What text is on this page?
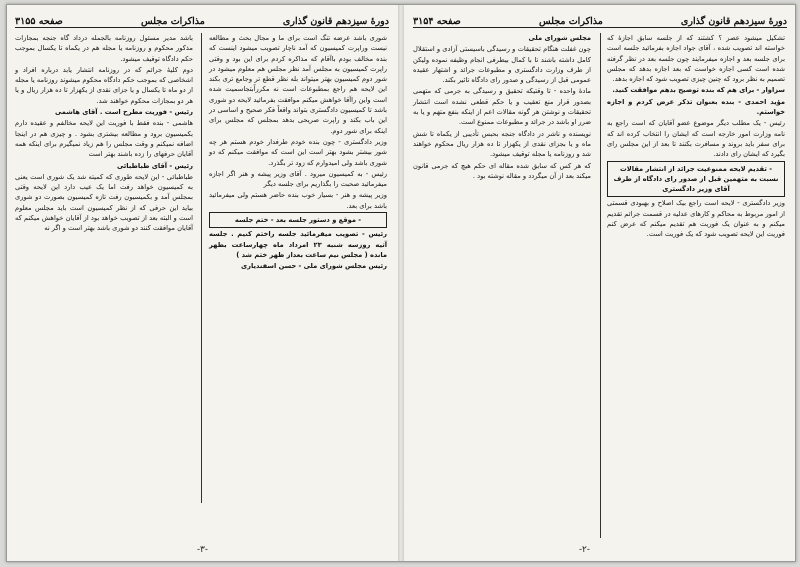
دورهٔ سیزدهم قانون گذاری
مذاکرات مجلس
صفحه ۳۱۵۵

شوری باشد عرضه تنگ است برای ما و مجال بحث و مطالعه نیست وراپرت کمیسیون که آمد ناچار تصویب میشود اینست که بنده مخالف بودم باآقام که مذاکره کردم برای این بود و وقتی راپرت کمیسیون به مجلس آمد نظر مجلس هم معلوم میشود در شور دوم کمیسیون بهتر میتواند بله نظر قطع تر وجامع تری بکند این لایحه هم راجع بمطبوعات است نه مکرراًبتجاسمیت شده است واین راآقا خواهش میکنم موافقت بفرمائید لایحه دو شوری باشد تا کمیسیون دادگستری بتواند واقعاً فکر صحیح و اساسی در این باب بکند و راپرت صریحی بدهد بمجلس که مجلس برای اینکه برای شور دوم.

وزیر دادگستری - چون بنده خودم طرفدار خودم هستم هر چه شور بیشتر بشود بهتر است این است که موافقت میکنم که دو شوری باشد ولی امیدوارم که زود تر بگذرد.

رئیس - به کمیسیون میرود . آقای وزیر پیشه و هنر اگر اجازه میفرمائید صحبت را بگذاریم برای جلسه دیگر

وزیر پیشه و هنر - بسیار خوب بنده حاضر هستم ولی میفرمائید باشد برای بعد.

- موقع و دستور جلسه بعد - ختم جلسه

رئیس - تصویب میفرمائید جلسه راختم کنیم . جلسه آتیه روزسه شنبه ۲۳ امرداد ماه چهارساعت بظهر مانده ( مجلس نیم ساعت بعداز ظهر ختم شد )

رئیس مجلس شورای ملی - حسن اسفندیاری

باشد مدیر مسئول روزنامه بالجمله درداد گاه جنجه بمجازات مذکور محکوم و روزنامه یا مجله هم در یکماه تا یکسال بموجب حکم دادگاه توقیف میشود.

دوم کلیهٔ جرائم که در روزنامه انتشار یابد درباره افراد و اشخاصی که بموجب حکم دادگاه محکوم میشوند روزنامه یا مجله از دو ماه تا یکسال و یا جزای نقدی از یکهزار تا ده هزار ریال و یا هر دو بمجازات محکوم خواهند شد.

رئیس - فوریت مطرح است . آقای هاشمی

هاشمی - بنده فقط با فوریت این لایحه مخالفم و عقیده دارم بکمیسیون برود و مطالعه بیشتری بشود . و چیزی هم در اینجا اضافه نمیکنم و وقت مجلس را هم زیاد نمیگیرم برای اینکه همه آقایان حرفهای را زده باشند بهتر است

رئیس - آقای طباطبائی

طباطبائی - این لایحه طوری که کمیته شد یک شوری است یعنی به کمیسیون خواهد رفت اما یک عیب دارد این لایحه وقتی بمجلس آمد و بکمیسیون رفت تازه کمیسیون بصورت دو شوری بیاید این حرفی که از نظر کمیسیون است باید مجلس معلوم است و البته بعد از تصویب خواهد بود از آقایان خواهش میکنم که آقایان موافقت کنند دو شوری باشد بهتر است و اگر نه

-۳-
دورهٔ سیزدهم قانون گذاری
مذاکرات مجلس
صفحه ۳۱۵۴

تشکیل میشود عصر ؟ کشتند که از جلسه سابق اجازهٔ که خواسته اند تصویب شده ، آقای جواد اجازه بفرمائید جلسه است برای جلسه بعد و اجازه میفرمایند چون جلسه بعد در نظر گرفته شده است کسی اجازه خواست که بعد اجازه بدهد که مجلس تصمیم به نظر برود که چنین چیزی تصویب شود که اجازه بدهد.

سزاوار - برای هم که بنده توضیح بدهم موافقت کنید.

مؤید احمدی - بنده بعنوان تذکر عرض کردم و اجازه خواستم.

رئیس - یک مطلب دیگر موضوع عضو آقایان که است راجع به نامه وزارت امور خارجه است که ایشان را انتخاب کرده اند که برای سفر باید بروند و مسافرت بکنند تا بعد از این مجلس رای بگیرد که ایشان رای دادند.

- تقدیم لایحه ممنوعیت جرائد از انتشار مقالات نسبت به متهمین قبل از صدور رای دادگاه از طرف آقای وزیر دادگستری

وزیر دادگستری - لایحه است راجع بیک اصلاح و بهبودی قسمتی از امور مربوط به محاکم و کارهای عدلیه در قسمت جرائم تقدیم میکنم و به عنوان یک فوریت هم تقدیم میکنم که عرض کنم فوریت این لایحه تصویب شود که یک فوریت است.

مجلس شورای ملی

چون غفلت هنگام تحقیقات و رسیدگی باسیستی آزادی و استقلال کامل داشته باشند تا با کمال بیطرفی انجام وظیفه نموده ولیکن از طرف وزارت دادگستری و مطبوعات جرائد و اشتهار عقیده عمومی قبل از رسیدگی و صدور رای دادگاه تاثیر بکند.

مادهٔ واحده - تا وقتیکه تحقیق و رسیدگی به جرمی که متهمی بصدور قرار منع تعقیب و یا حکم قطعی نشده است انتشار تحقیقات و نوشتن هر گونه مقالات اعم از اینکه بنفع متهم و یا به ضرر او باشد در جرائد و مطبوعات ممنوع است.

نویسنده و ناشر در دادگاه جنجه بحبس تأدیبی از یکماه تا شش ماه و یا بجزای نقدی از یکهزار تا ده هزار ریال محکوم خواهند شد و روزنامه یا مجله توقیف میشود.

که هر کس که سابق شده مقاله ای حکم هیچ که جرمی قانون میکند بعد از آن میگردد و مقاله نوشته بود .

-۲-
